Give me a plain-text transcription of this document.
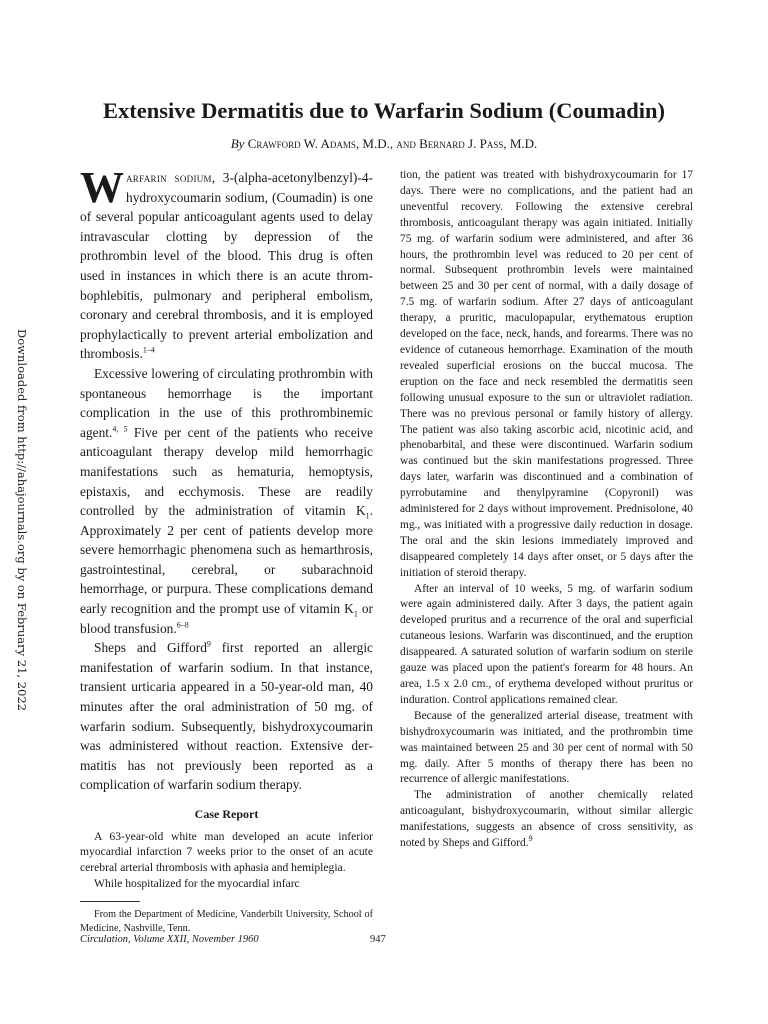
Downloaded from http://ahajournals.org by on February 21, 2022
Extensive Dermatitis due to Warfarin Sodium (Coumadin)
By Crawford W. Adams, M.D., and Bernard J. Pass, M.D.

Warfarin sodium, 3-(alpha-acetonylbenzyl)-4-hydroxycoumarin sodium, (Coumadin) is one of several popular anticoagulant agents used to delay intravascular clotting by depression of the prothrombin level of the blood. This drug is often used in instances in which there is an acute thrombophlebitis, pulmonary and peripheral embolism, coronary and cerebral thrombosis, and it is employed prophylactically to prevent arterial embolization and thrombosis.$^{1-4}$

Excessive lowering of circulating prothrombin with spontaneous hemorrhage is the important complication in the use of this prothrombinemic agent.$^{4, 5}$ Five per cent of the patients who receive anticoagulant therapy develop mild hemorrhagic manifestations such as hematuria, hemoptysis, epistaxis, and ecchymosis. These are readily controlled by the administration of vitamin $K_1$. Approximately 2 per cent of patients develop more severe hemorrhagic phenomena such as hemarthrosis, gastrointestinal, cerebral, or subarachnoid hemorrhage, or purpura. These complications demand early recognition and the prompt use of vitamin $K_1$ or blood transfusion.$^{6-8}$

Sheps and Gifford$^9$ first reported an allergic manifestation of warfarin sodium. In that instance, transient urticaria appeared in a 50-year-old man, 40 minutes after the oral administration of 50 mg. of warfarin sodium. Subsequently, bishydroxycoumarin was administered without reaction. Extensive dermatitis has not previously been reported as a complication of warfarin sodium therapy.

Case Report

A 63-year-old white man developed an acute inferior myocardial infarction 7 weeks prior to the onset of an acute cerebral arterial thrombosis with aphasia and hemiplegia.

While hospitalized for the myocardial infarc

From the Department of Medicine, Vanderbilt University, School of Medicine, Nashville, Tenn.

tion, the patient was treated with bishydroxycoumarin for 17 days. There were no complications, and the patient had an uneventful recovery. Following the extensive cerebral thrombosis, anticoagulant therapy was again initiated. Initially 75 mg. of warfarin sodium were administered, and after 36 hours, the prothrombin level was reduced to 20 per cent of normal. Subsequent prothrombin levels were maintained between 25 and 30 per cent of normal, with a daily dosage of 7.5 mg. of warfarin sodium. After 27 days of anticoagulant therapy, a pruritic, maculopapular, erythematous eruption developed on the face, neck, hands, and forearms. There was no evidence of cutaneous hemorrhage. Examination of the mouth revealed superficial erosions on the buccal mucosa. The eruption on the face and neck resembled the dermatitis seen following unusual exposure to the sun or ultraviolet radiation. There was no previous personal or family history of allergy. The patient was also taking ascorbic acid, nicotinic acid, and phenobarbital, and these were discontinued. Warfarin sodium was continued but the skin manifestations progressed. Three days later, warfarin was discontinued and a combination of pyrrobutamine and thenylpyramine (Copyronil) was administered for 2 days without improvement. Prednisolone, 40 mg., was initiated with a progressive daily reduction in dosage. The oral and the skin lesions immediately improved and disappeared completely 14 days after onset, or 5 days after the initiation of steroid therapy.

After an interval of 10 weeks, 5 mg. of warfarin sodium were again administered daily. After 3 days, the patient again developed pruritus and a recurrence of the oral and superficial cutaneous lesions. Warfarin was discontinued, and the eruption disappeared. A saturated solution of warfarin sodium on sterile gauze was placed upon the patient's forearm for 48 hours. An area, 1.5 x 2.0 cm., of erythema developed without pruritus or induration. Control applications remained clear.

Because of the generalized arterial disease, treatment with bishydroxycoumarin was initiated, and the prothrombin time was maintained between 25 and 30 per cent of normal with 50 mg. daily. After 5 months of therapy there has been no recurrence of allergic manifestations.

The administration of another chemically related anticoagulant, bishydroxycoumarin, without similar allergic manifestations, suggests an absence of cross sensitivity, as noted by Sheps and Gifford.$^9$

Circulation, Volume XXII, November 1960	947
